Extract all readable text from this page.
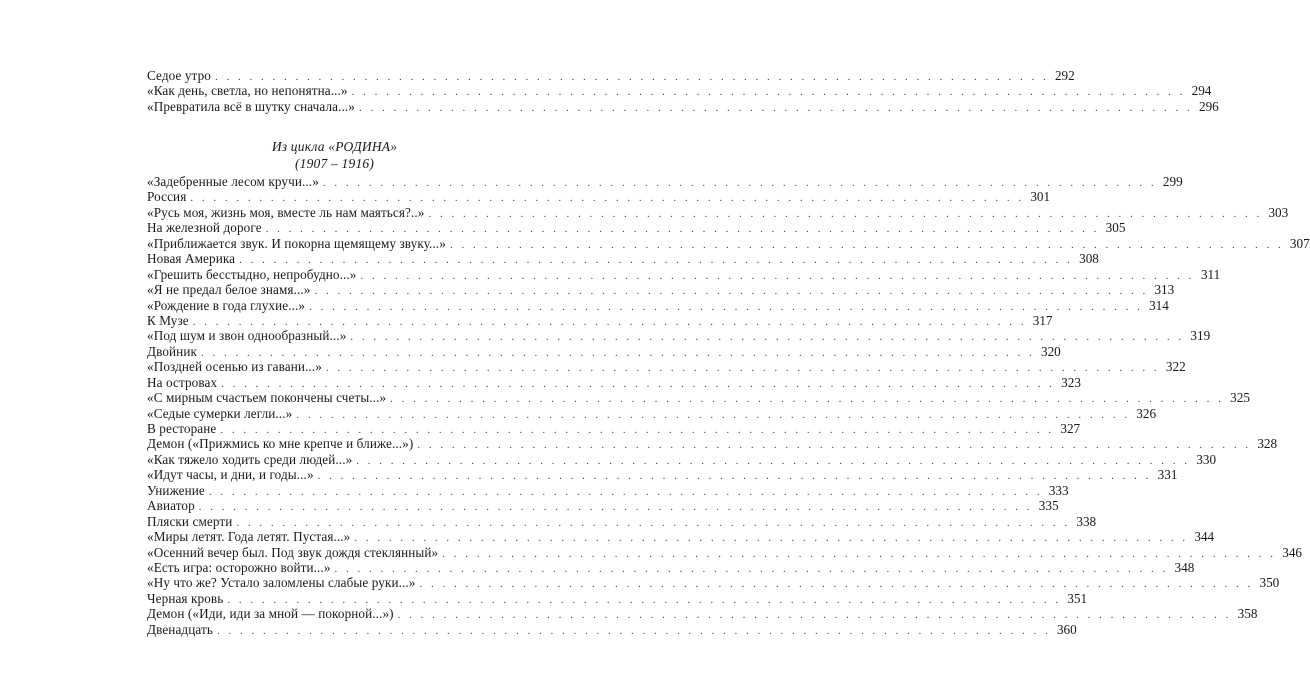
Седое утро . . .	292
«Как день, светла, но непонятна...» . . .	294
«Превратила всё в шутку сначала...» . . .	296
Из цикла «РОДИНА»
(1907 – 1916)
«Задебренные лесом кручи...» . . .	299
Россия . . .	301
«Русь моя, жизнь моя, вместе ль нам маяться?..» . . .	303
На железной дороге . . .	305
«Приближается звук. И покорна щемящему звуку...» . . .	307
Новая Америка . . .	308
«Грешить бесстыдно, непробудно...» . . .	311
«Я не предал белое знамя...» . . .	313
«Рождение в года глухие...» . . .	314
К Музе . . .	317
«Под шум и звон однообразный...» . . .	319
Двойник . . .	320
«Поздней осенью из гавани...» . . .	322
На островах . . .	323
«С мирным счастьем покончены счеты...» . . .	325
«Седые сумерки легли...» . . .	326
В ресторане . . .	327
Демон («Прижмись ко мне крепче и ближе...») . . .	328
«Как тяжело ходить среди людей...» . . .	330
«Идут часы, и дни, и годы...» . . .	331
Унижение . . .	333
Авиатор . . .	335
Пляски смерти . . .	338
«Миры летят. Года летят. Пустая...» . . .	344
«Осенний вечер был. Под звук дождя стеклянный» . . .	346
«Есть игра: осторожно войти...» . . .	348
«Ну что же? Устало заломлены слабые руки...» . . .	350
Черная кровь . . .	351
Демон («Иди, иди за мной — покорной...») . . .	358
Двенадцать . . .	360
